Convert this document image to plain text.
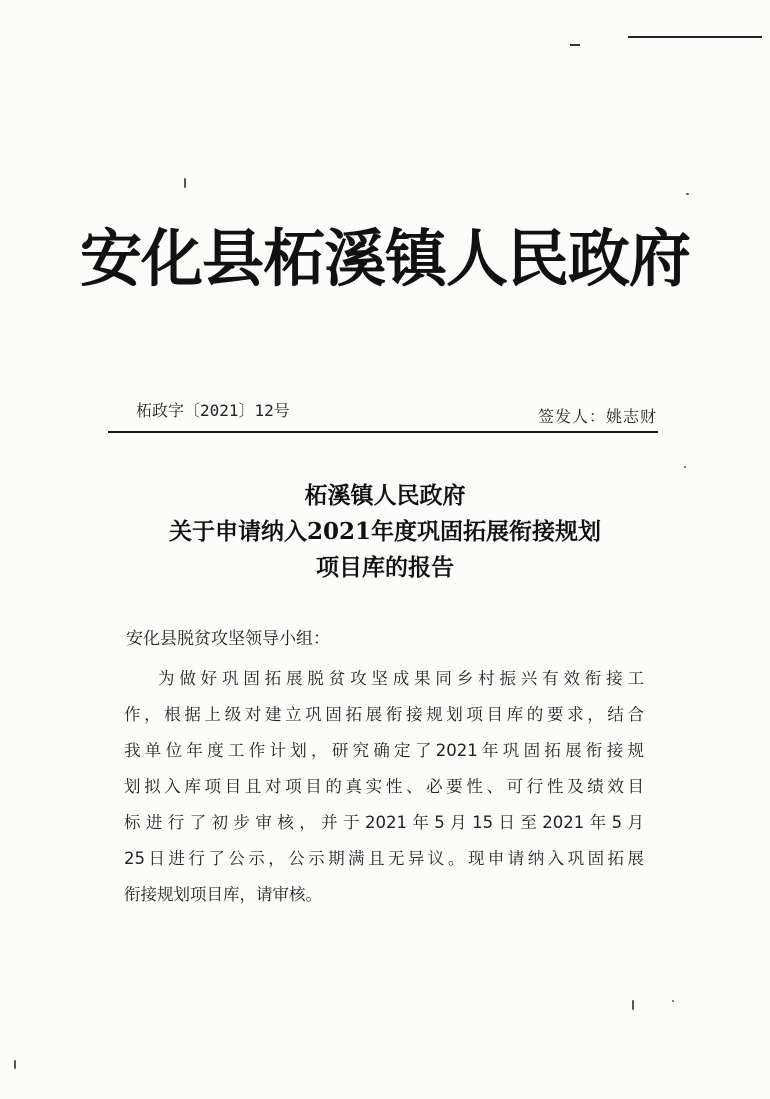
安化县柘溪镇人民政府
柘政字〔2021〕12号	签发人：姚志财
柘溪镇人民政府
关于申请纳入2021年度巩固拓展衔接规划
项目库的报告
安化县脱贫攻坚领导小组：
为做好巩固拓展脱贫攻坚成果同乡村振兴有效衔接工
作，根据上级对建立巩固拓展衔接规划项目库的要求，结合
我单位年度工作计划，研究确定了2021年巩固拓展衔接规
划拟入库项目且对项目的真实性、必要性、可行性及绩效目
标进行了初步审核，并于2021年5月15日至2021年5月
25日进行了公示，公示期满且无异议。现申请纳入巩固拓展
衔接规划项目库，请审核。
